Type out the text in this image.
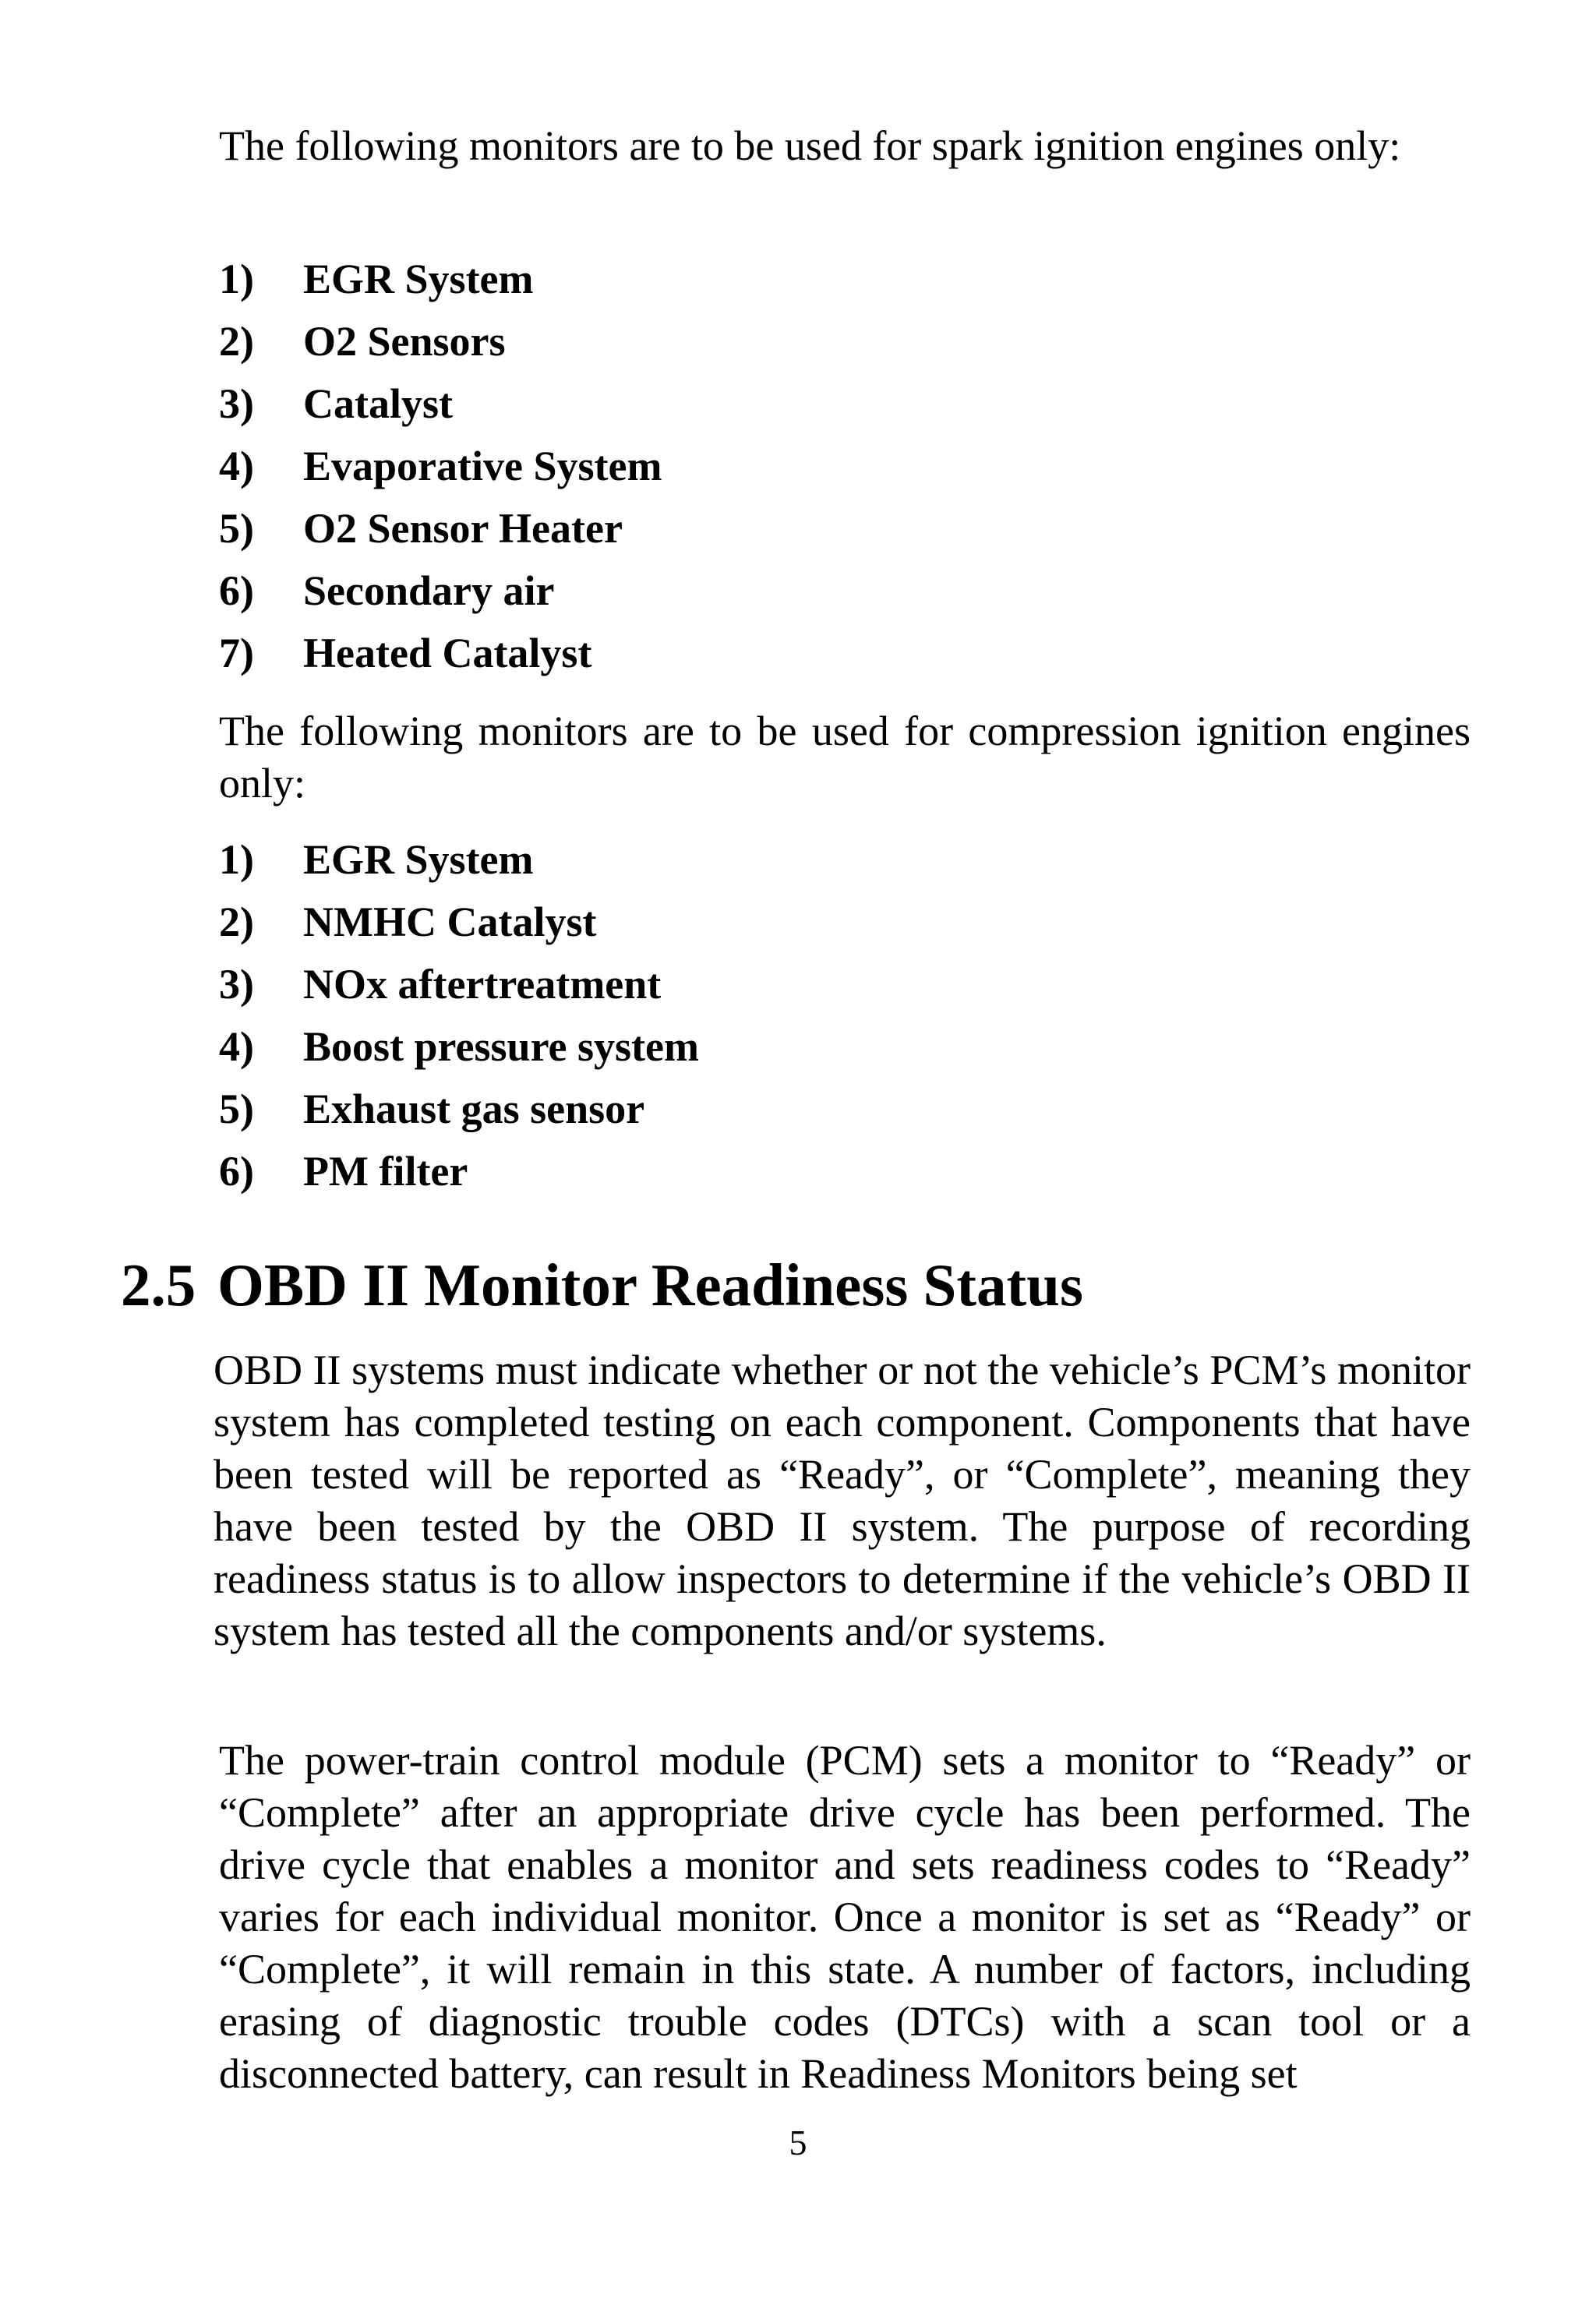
The following monitors are to be used for spark ignition engines only:

1) EGR System
2) O2 Sensors
3) Catalyst
4) Evaporative System
5) O2 Sensor Heater
6) Secondary air
7) Heated Catalyst

The following monitors are to be used for compression ignition engines only:

1) EGR System
2) NMHC Catalyst
3) NOx aftertreatment
4) Boost pressure system
5) Exhaust gas sensor
6) PM filter
2.5 OBD II Monitor Readiness Status

OBD II systems must indicate whether or not the vehicle’s PCM’s monitor system has completed testing on each component. Components that have been tested will be reported as “Ready”, or “Complete”, meaning they have been tested by the OBD II system. The purpose of recording readiness status is to allow inspectors to determine if the vehicle’s OBD II system has tested all the components and/or systems.

The power-train control module (PCM) sets a monitor to “Ready” or “Complete” after an appropriate drive cycle has been performed. The drive cycle that enables a monitor and sets readiness codes to “Ready” varies for each individual monitor. Once a monitor is set as “Ready” or “Complete”, it will remain in this state. A number of factors, including erasing of diagnostic trouble codes (DTCs) with a scan tool or a disconnected battery, can result in Readiness Monitors being set

5
